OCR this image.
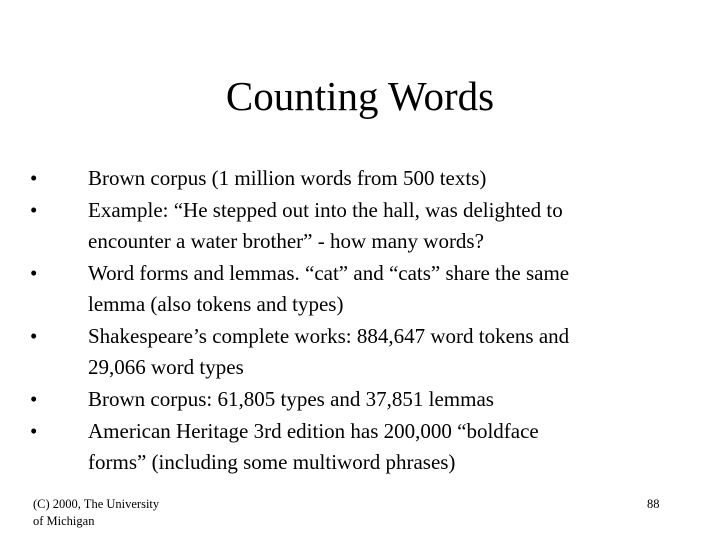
Counting Words
• Brown corpus (1 million words from 500 texts)
• Example: “He stepped out into the hall, was delighted to
encounter a water brother” - how many words?
• Word forms and lemmas. “cat” and “cats” share the same
lemma (also tokens and types)
• Shakespeare’s complete works: 884,647 word tokens and
29,066 word types
• Brown corpus: 61,805 types and 37,851 lemmas
• American Heritage 3rd edition has 200,000 “boldface
forms” (including some multiword phrases)
(C) 2000, The University
of Michigan
88
